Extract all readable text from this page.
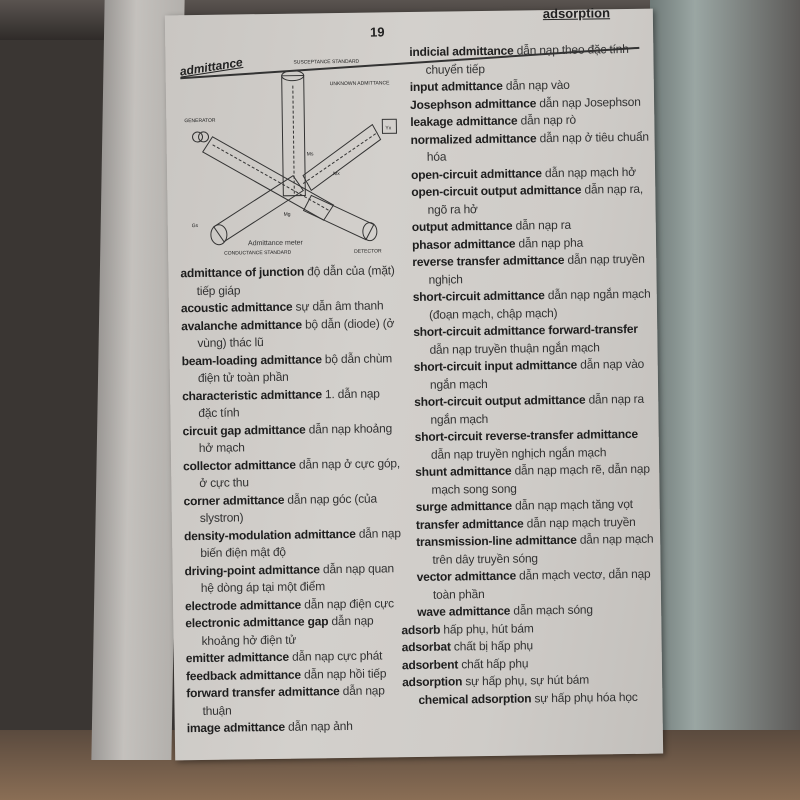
admittance
19
adsorption
SUSCEPTANCE STANDARD
UNKNOWN ADMITTANCE
GENERATOR
CONDUCTANCE STANDARD	DETECTOR
Ms
Mx
Mg
Yx
Gs
Admittance meter
admittance of junction độ dẫn của (mặt) tiếp giáp
acoustic admittance sự dẫn âm thanh
avalanche admittance bộ dẫn (diode) (ở vùng) thác lũ
beam-loading admittance bộ dẫn chùm điện tử toàn phần
characteristic admittance 1. dẫn nạp đặc tính
circuit gap admittance dẫn nạp khoảng hở mạch
collector admittance dẫn nạp ở cực góp, ở cực thu
corner admittance dẫn nạp góc (của slystron)
density-modulation admittance dẫn nạp biến điện mật độ
driving-point admittance dẫn nạp quan hệ dòng áp tại một điểm
electrode admittance dẫn nạp điện cực
electronic admittance gap dẫn nạp khoảng hở điện tử
emitter admittance dẫn nạp cực phát
feedback admittance dẫn nạp hồi tiếp
forward transfer admittance dẫn nạp thuận
image admittance dẫn nạp ảnh
indicial admittance dẫn nạp theo đặc tính chuyển tiếp
input admittance dẫn nạp vào
Josephson admittance dẫn nạp Josephson
leakage admittance dẫn nạp rò
normalized admittance dẫn nạp ở tiêu chuẩn hóa
open-circuit admittance dẫn nạp mạch hở
open-circuit output admittance dẫn nạp ra, ngõ ra hở
output admittance dẫn nạp ra
phasor admittance dẫn nạp pha
reverse transfer admittance dẫn nạp truyền nghịch
short-circuit admittance dẫn nạp ngắn mạch (đoạn mạch, chập mạch)
short-circuit admittance forward-transfer dẫn nạp truyền thuận ngắn mạch
short-circuit input admittance dẫn nạp vào ngắn mạch
short-circuit output admittance dẫn nạp ra ngắn mạch
short-circuit reverse-transfer admittance dẫn nạp truyền nghịch ngắn mạch
shunt admittance dẫn nạp mạch rẽ, dẫn nạp mạch song song
surge admittance dẫn nạp mạch tăng vọt
transfer admittance dẫn nạp mạch truyền
transmission-line admittance dẫn nạp mạch trên dây truyền sóng
vector admittance dẫn mạch vectơ, dẫn nạp toàn phần
wave admittance dẫn mạch sóng
adsorb hấp phụ, hút bám
adsorbat chất bị hấp phụ
adsorbent chất hấp phụ
adsorption sự hấp phụ, sự hút bám
chemical adsorption sự hấp phụ hóa học
